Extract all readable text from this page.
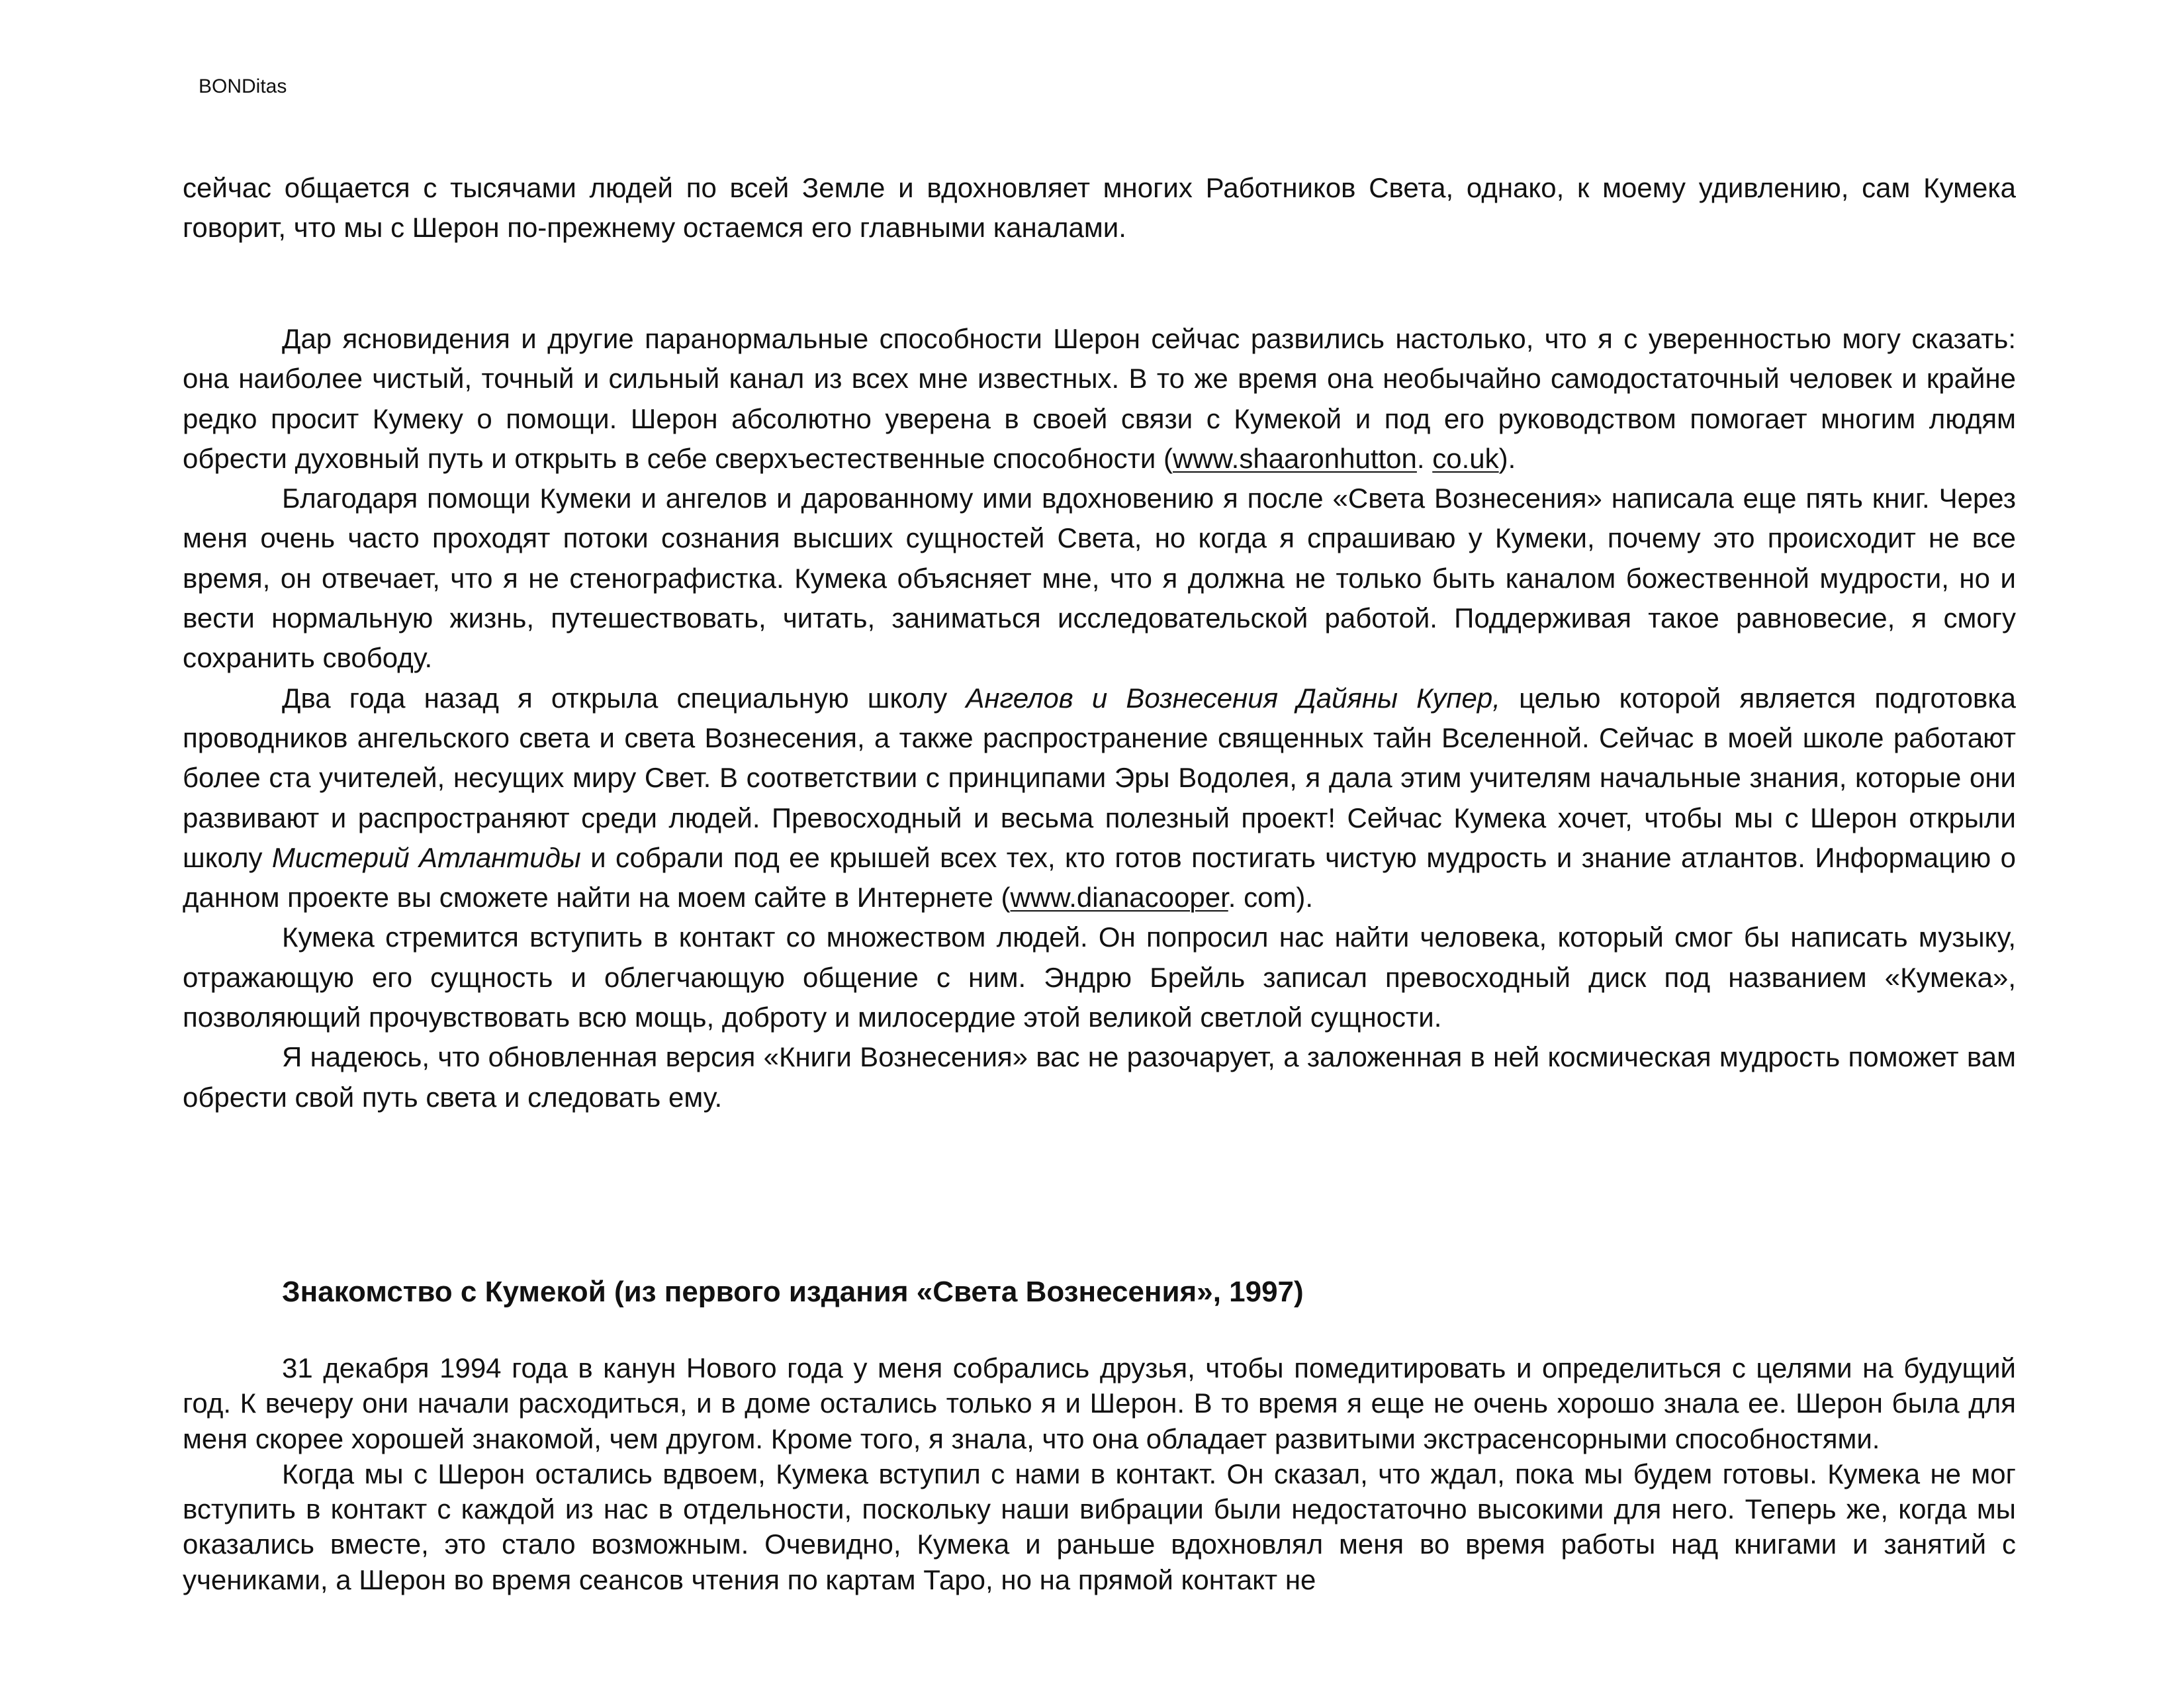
BONDitas

сейчас общается с тысячами людей по всей Земле и вдохновляет многих Работников Света, однако, к моему удивлению, сам Кумека говорит, что мы с Шерон по-прежнему остаемся его главными каналами.

Дар ясновидения и другие паранормальные способности Шерон сейчас развились настолько, что я с уверенностью могу сказать: она наиболее чистый, точный и сильный канал из всех мне известных. В то же время она необычайно самодостаточный человек и крайне редко просит Кумеку о помощи. Шерон абсолютно уверена в своей связи с Кумекой и под его руководством помогает многим людям обрести духовный путь и открыть в себе сверхъестественные способности (www.shaaronhutton. co.uk).

Благодаря помощи Кумеки и ангелов и дарованному ими вдохновению я после «Света Вознесения» написала еще пять книг. Через меня очень часто проходят потоки сознания высших сущностей Света, но когда я спрашиваю у Кумеки, почему это происходит не все время, он отвечает, что я не стенографистка. Кумека объясняет мне, что я должна не только быть каналом божественной мудрости, но и вести нормальную жизнь, путешествовать, читать, заниматься исследовательской работой. Поддерживая такое равновесие, я смогу сохранить свободу.

Два года назад я открыла специальную школу Ангелов и Вознесения Дайяны Купер, целью которой является подготовка проводников ангельского света и света Вознесения, а также распространение священных тайн Вселенной. Сейчас в моей школе работают более ста учителей, несущих миру Свет. В соответствии с принципами Эры Водолея, я дала этим учителям начальные знания, которые они развивают и распространяют среди людей. Превосходный и весьма полезный проект! Сейчас Кумека хочет, чтобы мы с Шерон открыли школу Мистерий Атлантиды и собрали под ее крышей всех тех, кто готов постигать чистую мудрость и знание атлантов. Информацию о данном проекте вы сможете найти на моем сайте в Интернете (www.dianacooper. com).

Кумека стремится вступить в контакт со множеством людей. Он попросил нас найти человека, который смог бы написать музыку, отражающую его сущность и облегчающую общение с ним. Эндрю Брейль записал превосходный диск под названием «Кумека», позволяющий прочувствовать всю мощь, доброту и милосердие этой великой светлой сущности.

Я надеюсь, что обновленная версия «Книги Вознесения» вас не разочарует, а заложенная в ней космическая мудрость поможет вам обрести свой путь света и следовать ему.

Знакомство с Кумекой (из первого издания «Света Вознесения», 1997)

31 декабря 1994 года в канун Нового года у меня собрались друзья, чтобы помедитировать и определиться с целями на будущий год. К вечеру они начали расходиться, и в доме остались только я и Шерон. В то время я еще не очень хорошо знала ее. Шерон была для меня скорее хорошей знакомой, чем другом. Кроме того, я знала, что она обладает развитыми экстрасенсорными способностями.

Когда мы с Шерон остались вдвоем, Кумека вступил с нами в контакт. Он сказал, что ждал, пока мы будем готовы. Кумека не мог вступить в контакт с каждой из нас в отдельности, поскольку наши вибрации были недостаточно высокими для него. Теперь же, когда мы оказались вместе, это стало возможным. Очевидно, Кумека и раньше вдохновлял меня во время работы над книгами и занятий с учениками, а Шерон во время сеансов чтения по картам Таро, но на прямой контакт не
